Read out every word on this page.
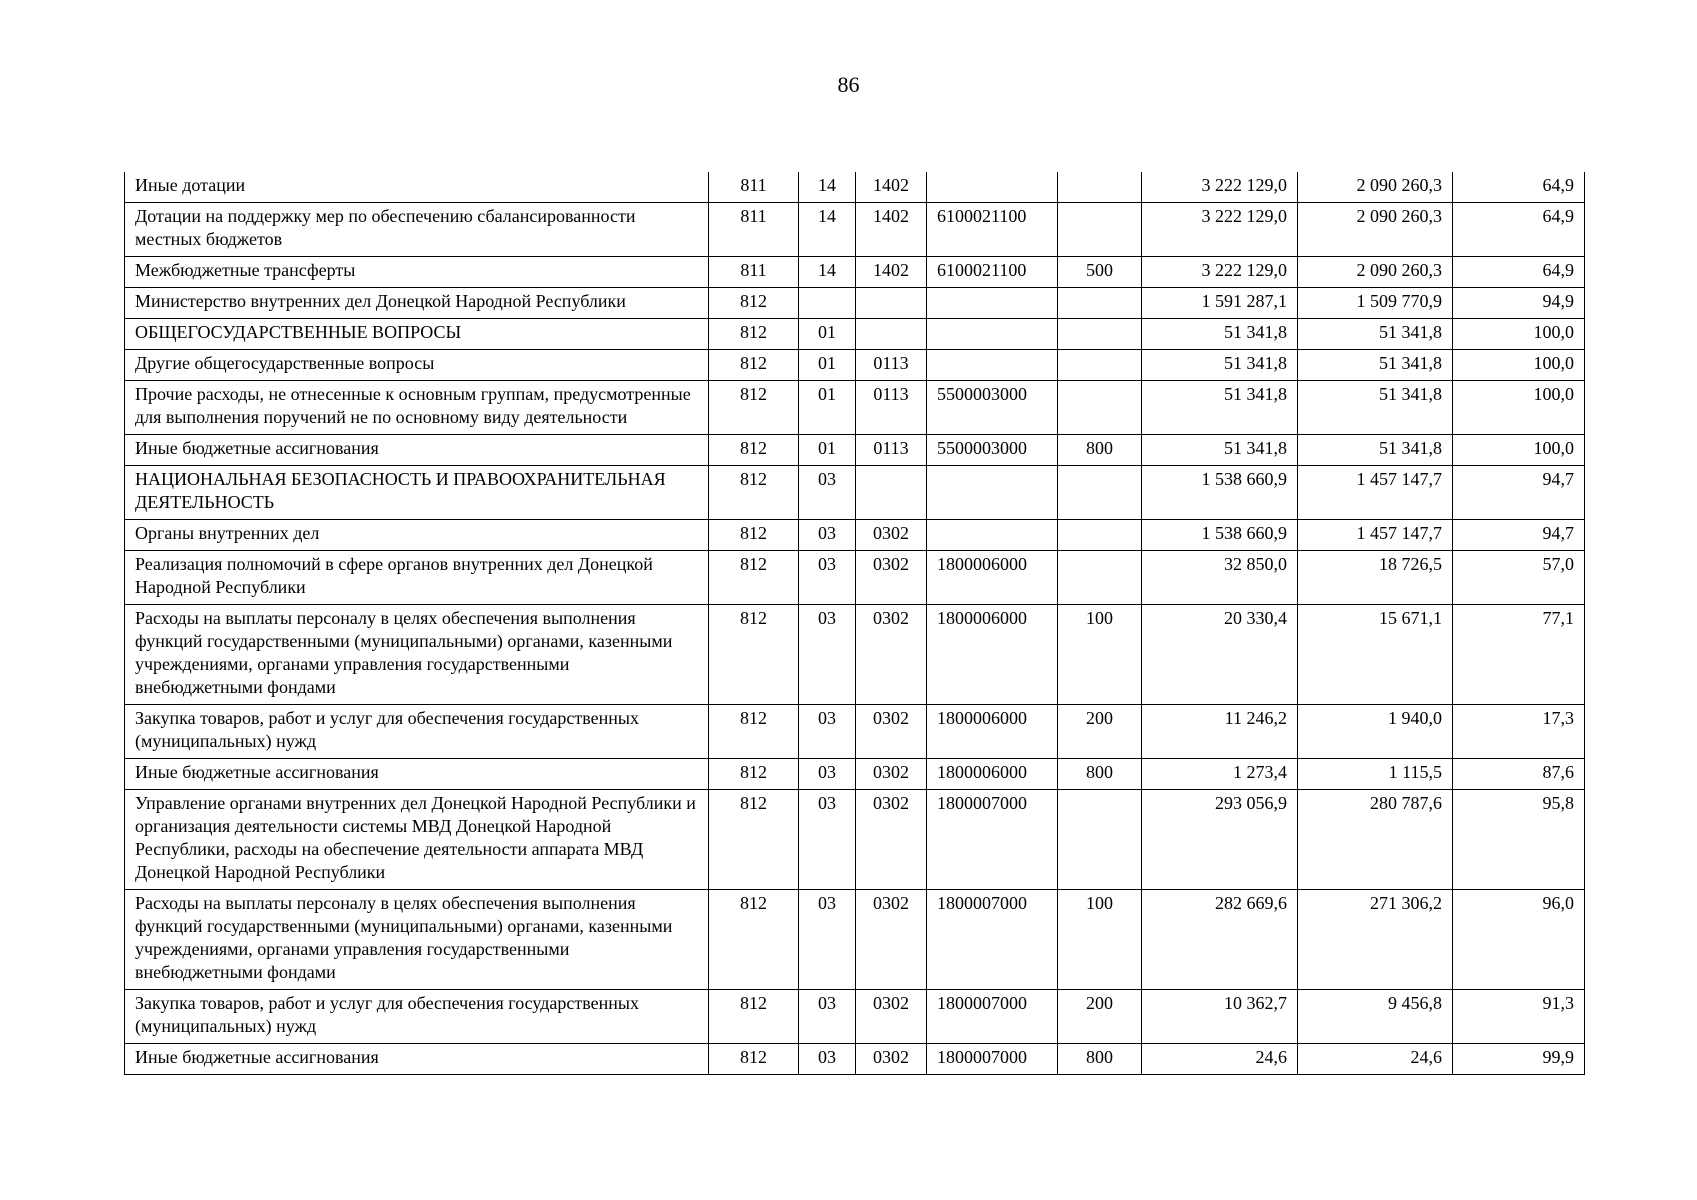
86
Иные дотации	811	14	1402			3 222 129,0	2 090 260,3	64,9
Дотации на поддержку мер по обеспечению сбалансированности местных бюджетов	811	14	1402	6100021100		3 222 129,0	2 090 260,3	64,9
Межбюджетные трансферты	811	14	1402	6100021100	500	3 222 129,0	2 090 260,3	64,9
Министерство внутренних дел Донецкой Народной Республики	812					1 591 287,1	1 509 770,9	94,9
ОБЩЕГОСУДАРСТВЕННЫЕ ВОПРОСЫ	812	01				51 341,8	51 341,8	100,0
Другие общегосударственные вопросы	812	01	0113			51 341,8	51 341,8	100,0
Прочие расходы, не отнесенные к основным группам, предусмотренные для выполнения поручений не по основному виду деятельности	812	01	0113	5500003000		51 341,8	51 341,8	100,0
Иные бюджетные ассигнования	812	01	0113	5500003000	800	51 341,8	51 341,8	100,0
НАЦИОНАЛЬНАЯ БЕЗОПАСНОСТЬ И ПРАВООХРАНИТЕЛЬНАЯ ДЕЯТЕЛЬНОСТЬ	812	03				1 538 660,9	1 457 147,7	94,7
Органы внутренних дел	812	03	0302			1 538 660,9	1 457 147,7	94,7
Реализация полномочий в сфере органов внутренних дел Донецкой Народной Республики	812	03	0302	1800006000		32 850,0	18 726,5	57,0
Расходы на выплаты персоналу в целях обеспечения выполнения функций государственными (муниципальными) органами, казенными учреждениями, органами управления государственными внебюджетными фондами	812	03	0302	1800006000	100	20 330,4	15 671,1	77,1
Закупка товаров, работ и услуг для обеспечения государственных (муниципальных) нужд	812	03	0302	1800006000	200	11 246,2	1 940,0	17,3
Иные бюджетные ассигнования	812	03	0302	1800006000	800	1 273,4	1 115,5	87,6
Управление органами внутренних дел Донецкой Народной Республики и организация деятельности системы МВД Донецкой Народной Республики, расходы на обеспечение деятельности аппарата МВД Донецкой Народной Республики	812	03	0302	1800007000		293 056,9	280 787,6	95,8
Расходы на выплаты персоналу в целях обеспечения выполнения функций государственными (муниципальными) органами, казенными учреждениями, органами управления государственными внебюджетными фондами	812	03	0302	1800007000	100	282 669,6	271 306,2	96,0
Закупка товаров, работ и услуг для обеспечения государственных (муниципальных) нужд	812	03	0302	1800007000	200	10 362,7	9 456,8	91,3
Иные бюджетные ассигнования	812	03	0302	1800007000	800	24,6	24,6	99,9
